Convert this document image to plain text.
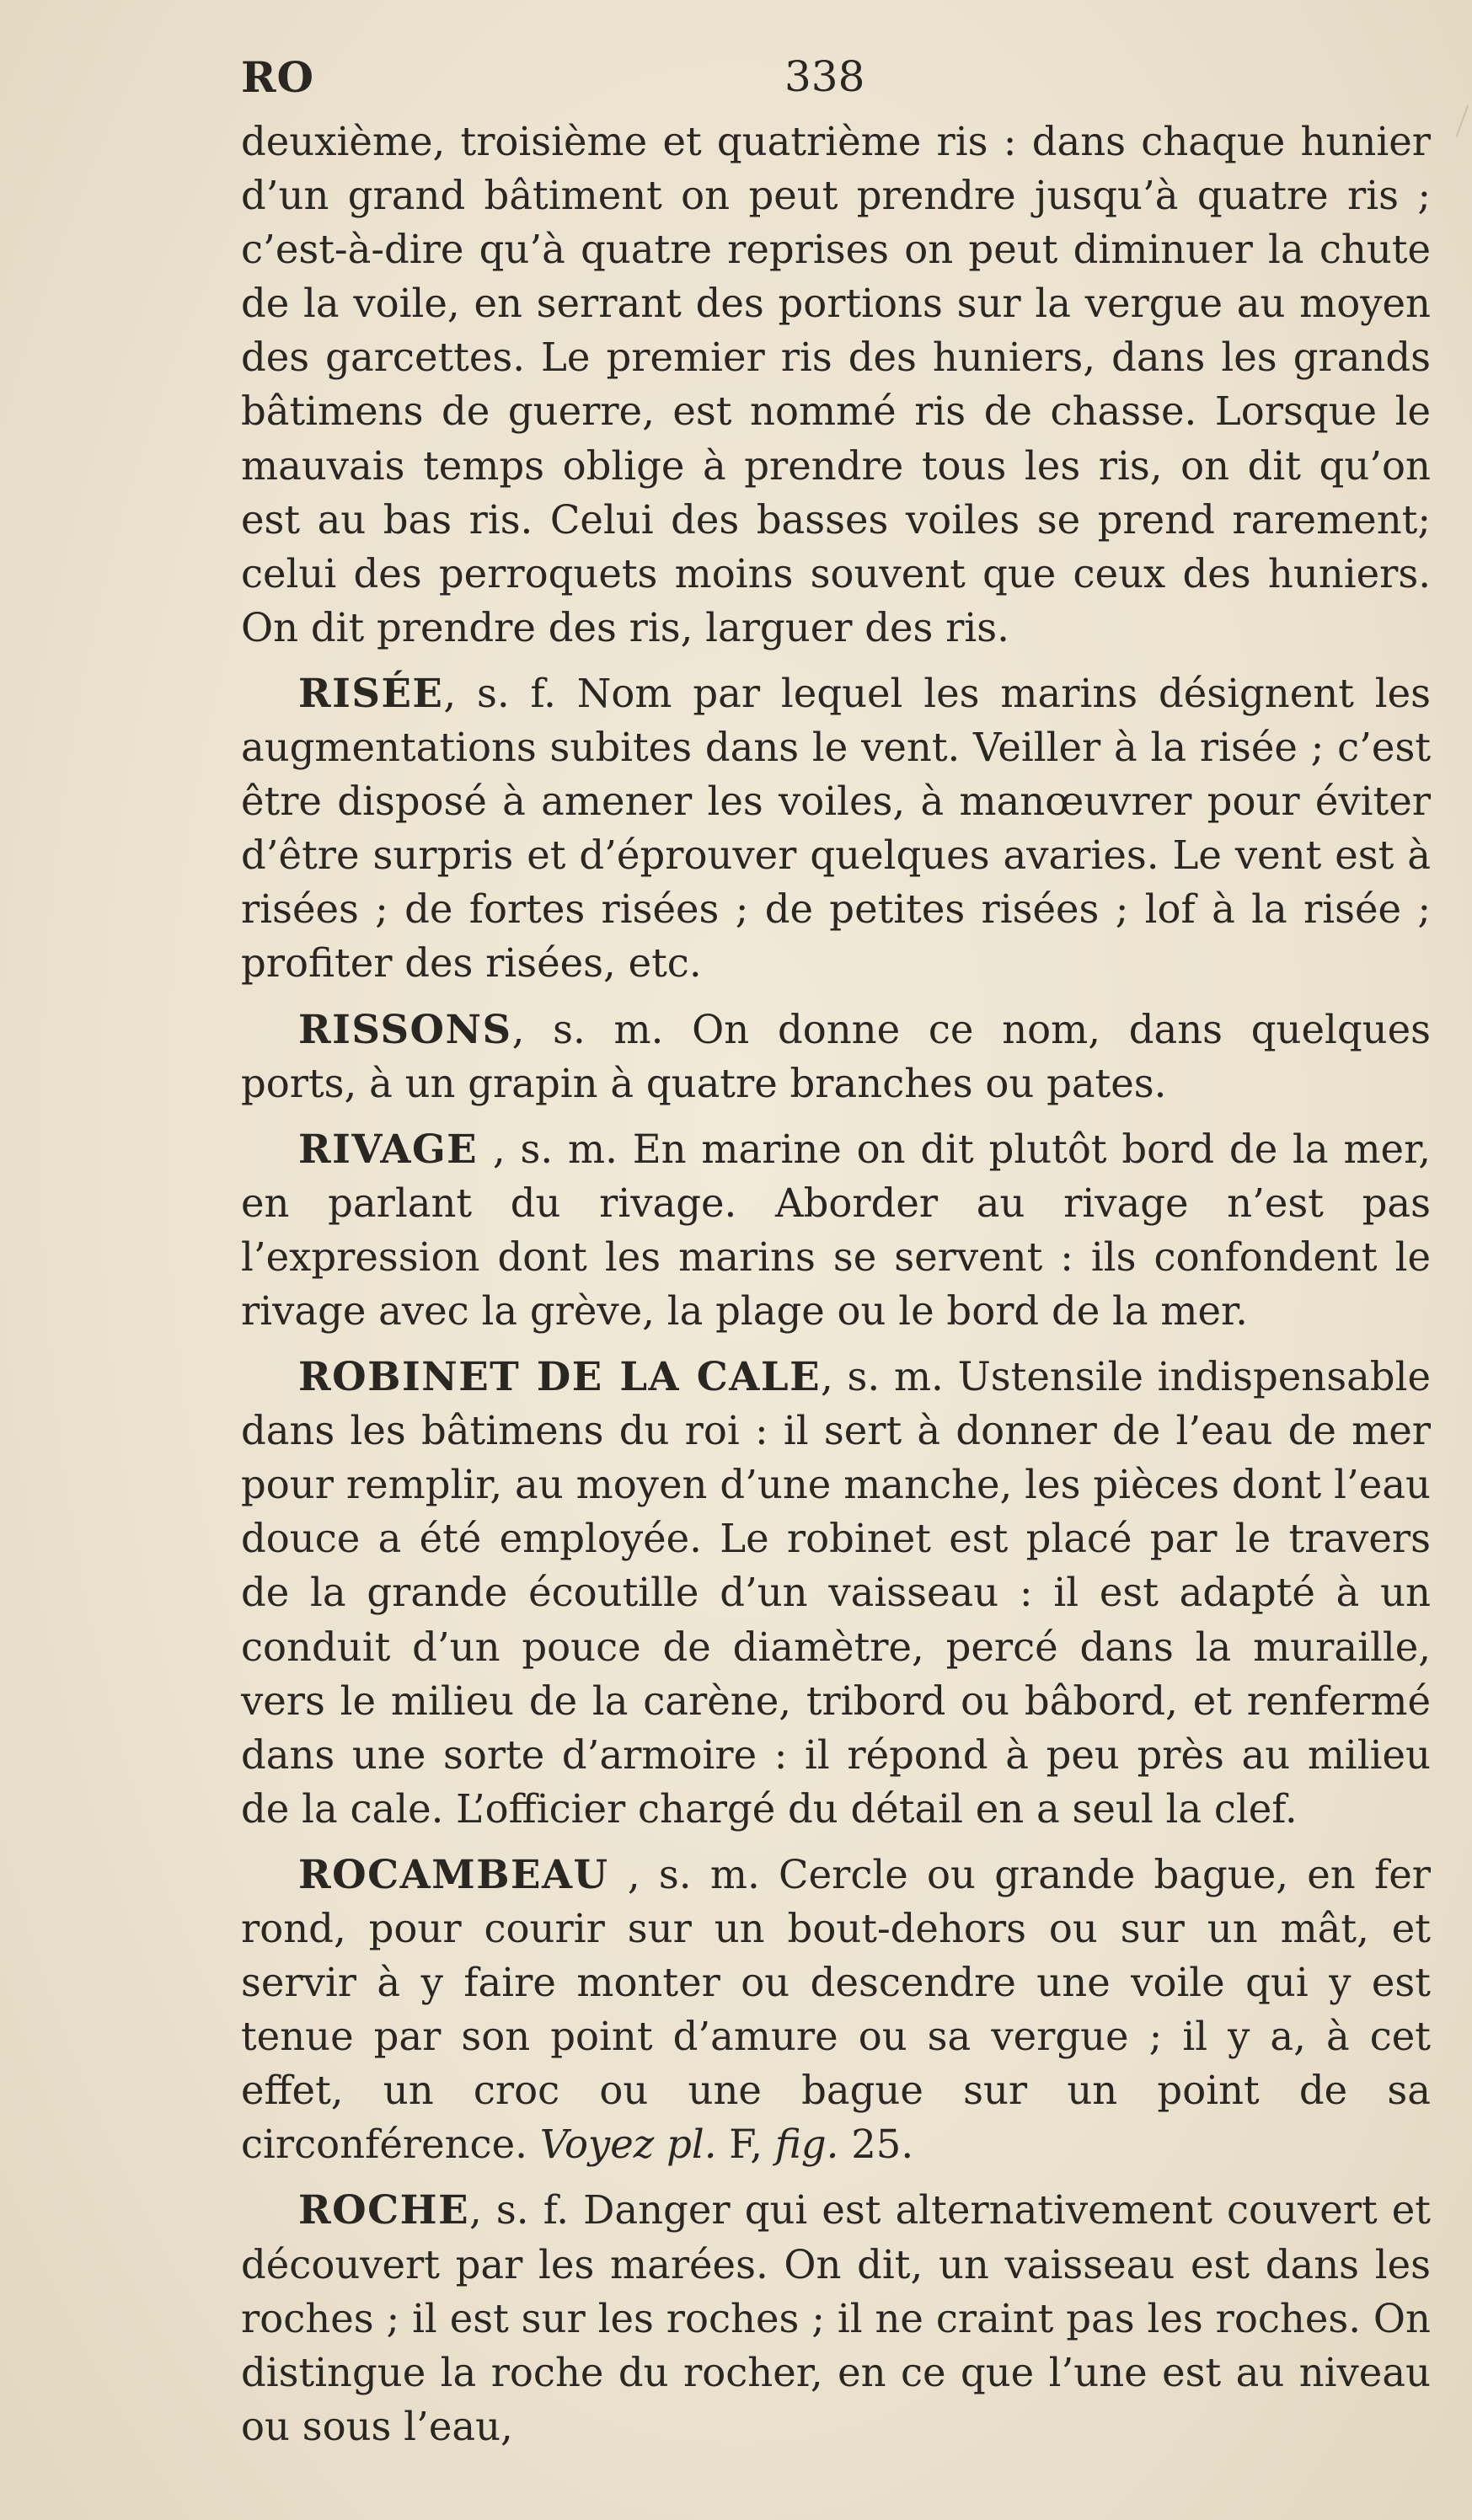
RO	338

deuxième, troisième et quatrième ris : dans chaque hunier d’un grand bâtiment on peut prendre jusqu’à quatre ris ; c’est-à-dire qu’à quatre reprises on peut diminuer la chute de la voile, en serrant des portions sur la vergue au moyen des garcettes. Le premier ris des huniers, dans les grands bâtimens de guerre, est nommé ris de chasse. Lorsque le mauvais temps oblige à prendre tous les ris, on dit qu’on est au bas ris. Celui des basses voiles se prend rarement; celui des perroquets moins souvent que ceux des huniers. On dit prendre des ris, larguer des ris.

RISÉE, s. f. Nom par lequel les marins désignent les augmentations subites dans le vent. Veiller à la risée ; c’est être disposé à amener les voiles, à manœuvrer pour éviter d’être surpris et d’éprouver quelques avaries. Le vent est à risées ; de fortes risées ; de petites risées ; lof à la risée ; profiter des risées, etc.

RISSONS, s. m. On donne ce nom, dans quelques ports, à un grapin à quatre branches ou pates.

RIVAGE , s. m. En marine on dit plutôt bord de la mer, en parlant du rivage. Aborder au rivage n’est pas l’expression dont les marins se servent : ils confondent le rivage avec la grève, la plage ou le bord de la mer.

ROBINET DE LA CALE, s. m. Ustensile indispensable dans les bâtimens du roi : il sert à donner de l’eau de mer pour remplir, au moyen d’une manche, les pièces dont l’eau douce a été employée. Le robinet est placé par le travers de la grande écoutille d’un vaisseau : il est adapté à un conduit d’un pouce de diamètre, percé dans la muraille, vers le milieu de la carène, tribord ou bâbord, et renfermé dans une sorte d’armoire : il répond à peu près au milieu de la cale. L’officier chargé du détail en a seul la clef.

ROCAMBEAU , s. m. Cercle ou grande bague, en fer rond, pour courir sur un bout-dehors ou sur un mât, et servir à y faire monter ou descendre une voile qui y est tenue par son point d’amure ou sa vergue ; il y a, à cet effet, un croc ou une bague sur un point de sa circonférence. Voyez pl. F, fig. 25.

ROCHE, s. f. Danger qui est alternativement couvert et découvert par les marées. On dit, un vaisseau est dans les roches ; il est sur les roches ; il ne craint pas les roches. On distingue la roche du rocher, en ce que l’une est au niveau ou sous l’eau,
